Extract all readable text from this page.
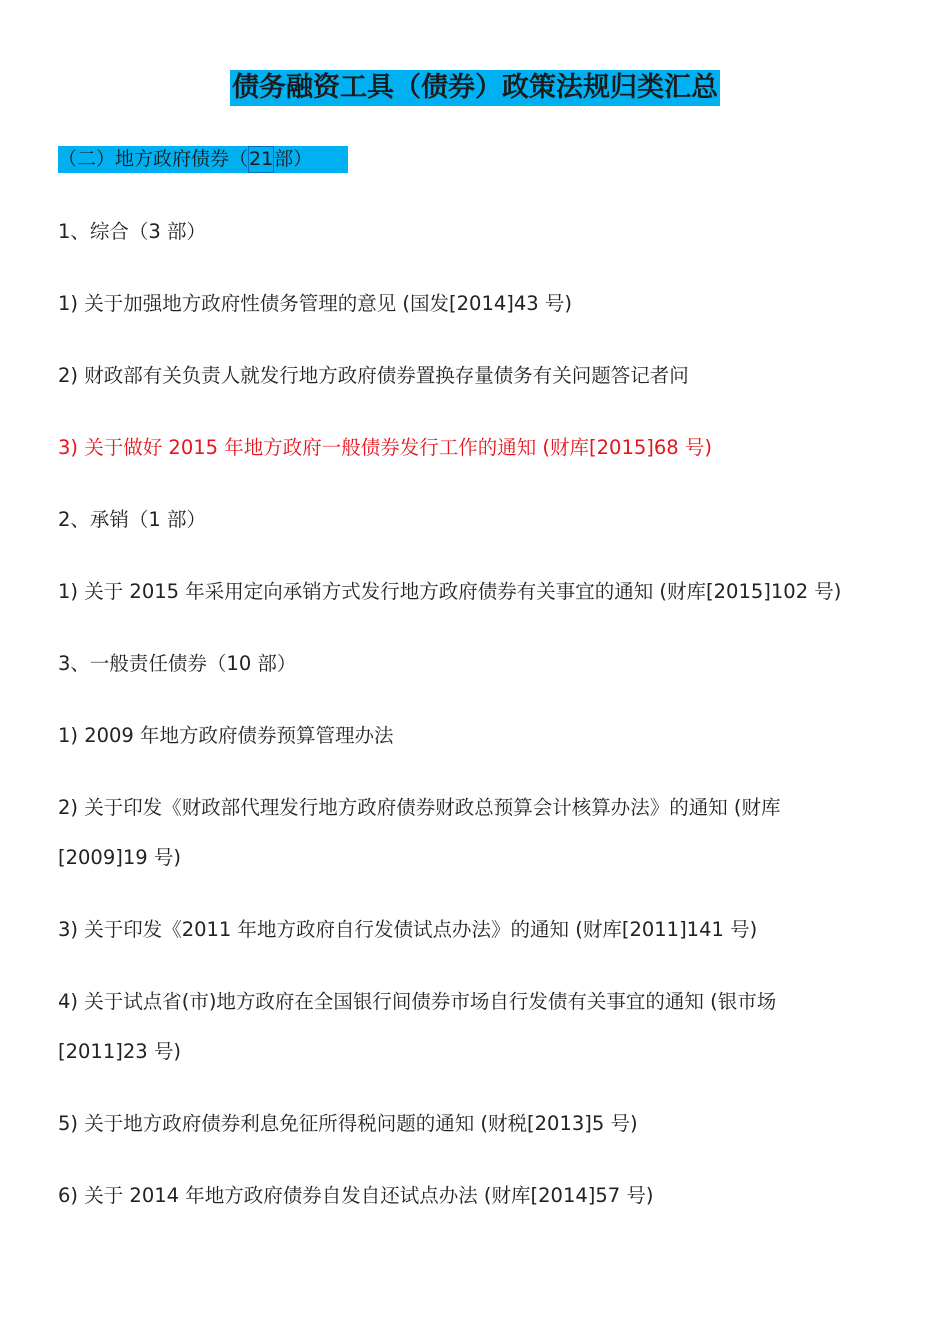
债务融资工具（债券）政策法规归类汇总
（二）地方政府债券（21部）
1、综合（3 部）
1) 关于加强地方政府性债务管理的意见 (国发[2014]43 号)
2) 财政部有关负责人就发行地方政府债券置换存量债务有关问题答记者问
3) 关于做好 2015 年地方政府一般债券发行工作的通知 (财库[2015]68 号)
2、承销（1 部）
1) 关于 2015 年采用定向承销方式发行地方政府债券有关事宜的通知 (财库[2015]102 号)
3、一般责任债券（10 部）
1) 2009 年地方政府债券预算管理办法
2) 关于印发《财政部代理发行地方政府债券财政总预算会计核算办法》的通知 (财库
[2009]19 号)
3) 关于印发《2011 年地方政府自行发债试点办法》的通知 (财库[2011]141 号)
4) 关于试点省(市)地方政府在全国银行间债券市场自行发债有关事宜的通知 (银市场
[2011]23 号)
5) 关于地方政府债券利息免征所得税问题的通知 (财税[2013]5 号)
6) 关于 2014 年地方政府债券自发自还试点办法 (财库[2014]57 号)
